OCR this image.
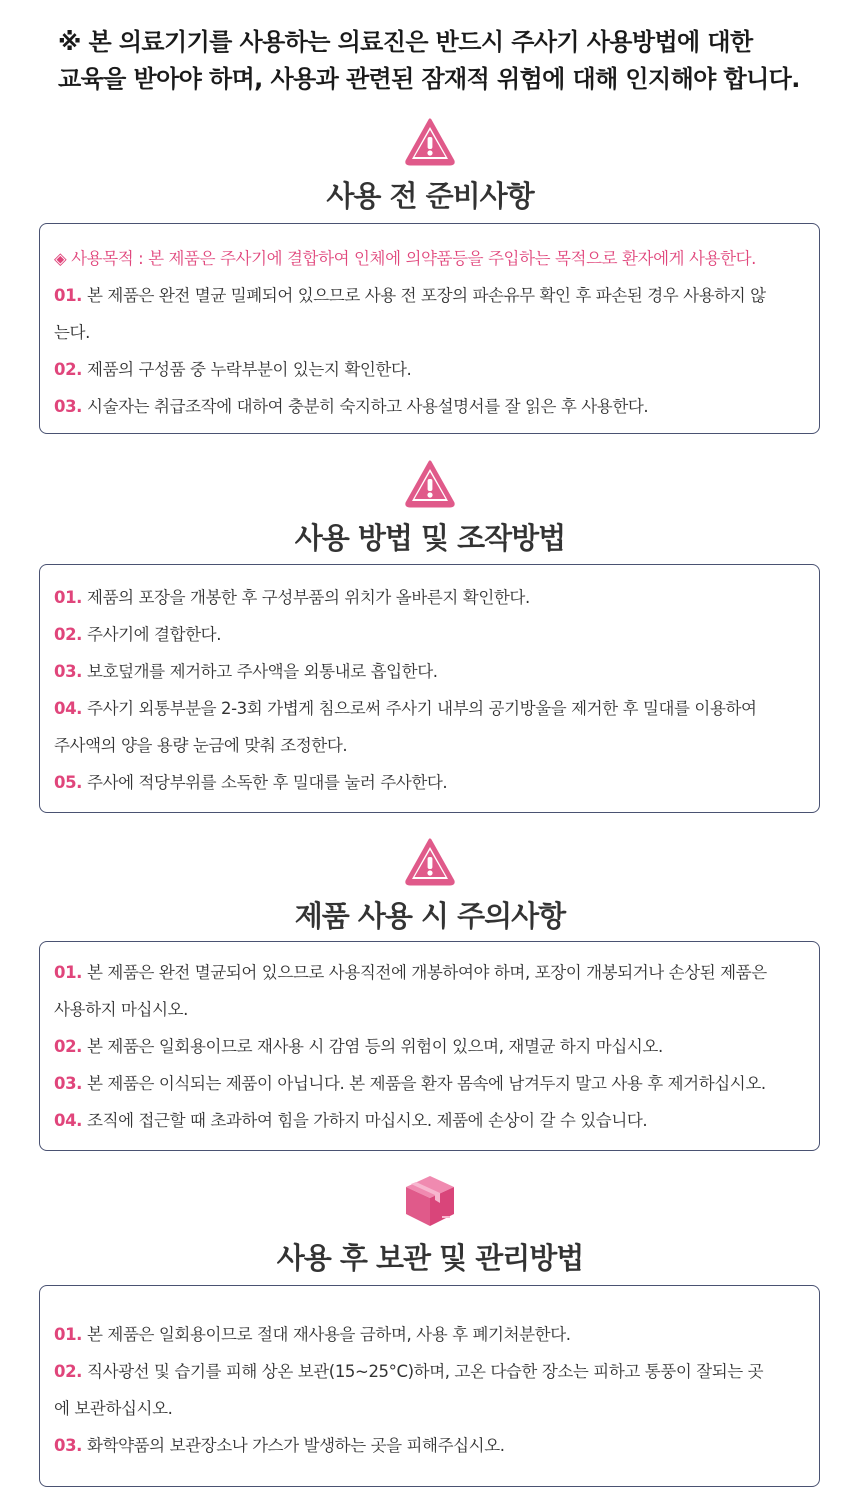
※ 본 의료기기를 사용하는 의료진은 반드시 주사기 사용방법에 대한
교육을 받아야 하며, 사용과 관련된 잠재적 위험에 대해 인지해야 합니다.
사용 전 준비사항
◈ 사용목적 : 본 제품은 주사기에 결합하여 인체에 의약품등을 주입하는 목적으로 환자에게 사용한다.
01. 본 제품은 완전 멸균 밀폐되어 있으므로 사용 전 포장의 파손유무 확인 후 파손된 경우 사용하지 않
는다.
02. 제품의 구성품 중 누락부분이 있는지 확인한다.
03. 시술자는 취급조작에 대하여 충분히 숙지하고 사용설명서를 잘 읽은 후 사용한다.
사용 방법 및 조작방법
01. 제품의 포장을 개봉한 후 구성부품의 위치가 올바른지 확인한다.
02. 주사기에 결합한다.
03. 보호덮개를 제거하고 주사액을 외통내로 흡입한다.
04. 주사기 외통부분을 2-3회 가볍게 침으로써 주사기 내부의 공기방울을 제거한 후 밀대를 이용하여
주사액의 양을 용량 눈금에 맞춰 조정한다.
05. 주사에 적당부위를 소독한 후 밀대를 눌러 주사한다.
제품 사용 시 주의사항
01. 본 제품은 완전 멸균되어 있으므로 사용직전에 개봉하여야 하며, 포장이 개봉되거나 손상된 제품은
사용하지 마십시오.
02. 본 제품은 일회용이므로 재사용 시 감염 등의 위험이 있으며, 재멸균 하지 마십시오.
03. 본 제품은 이식되는 제품이 아닙니다. 본 제품을 환자 몸속에 남겨두지 말고 사용 후 제거하십시오.
04. 조직에 접근할 때 초과하여 힘을 가하지 마십시오. 제품에 손상이 갈 수 있습니다.
사용 후 보관 및 관리방법
01. 본 제품은 일회용이므로 절대 재사용을 금하며, 사용 후 폐기처분한다.
02. 직사광선 및 습기를 피해 상온 보관(15~25°C)하며, 고온 다습한 장소는 피하고 통풍이 잘되는 곳
에 보관하십시오.
03. 화학약품의 보관장소나 가스가 발생하는 곳을 피해주십시오.
